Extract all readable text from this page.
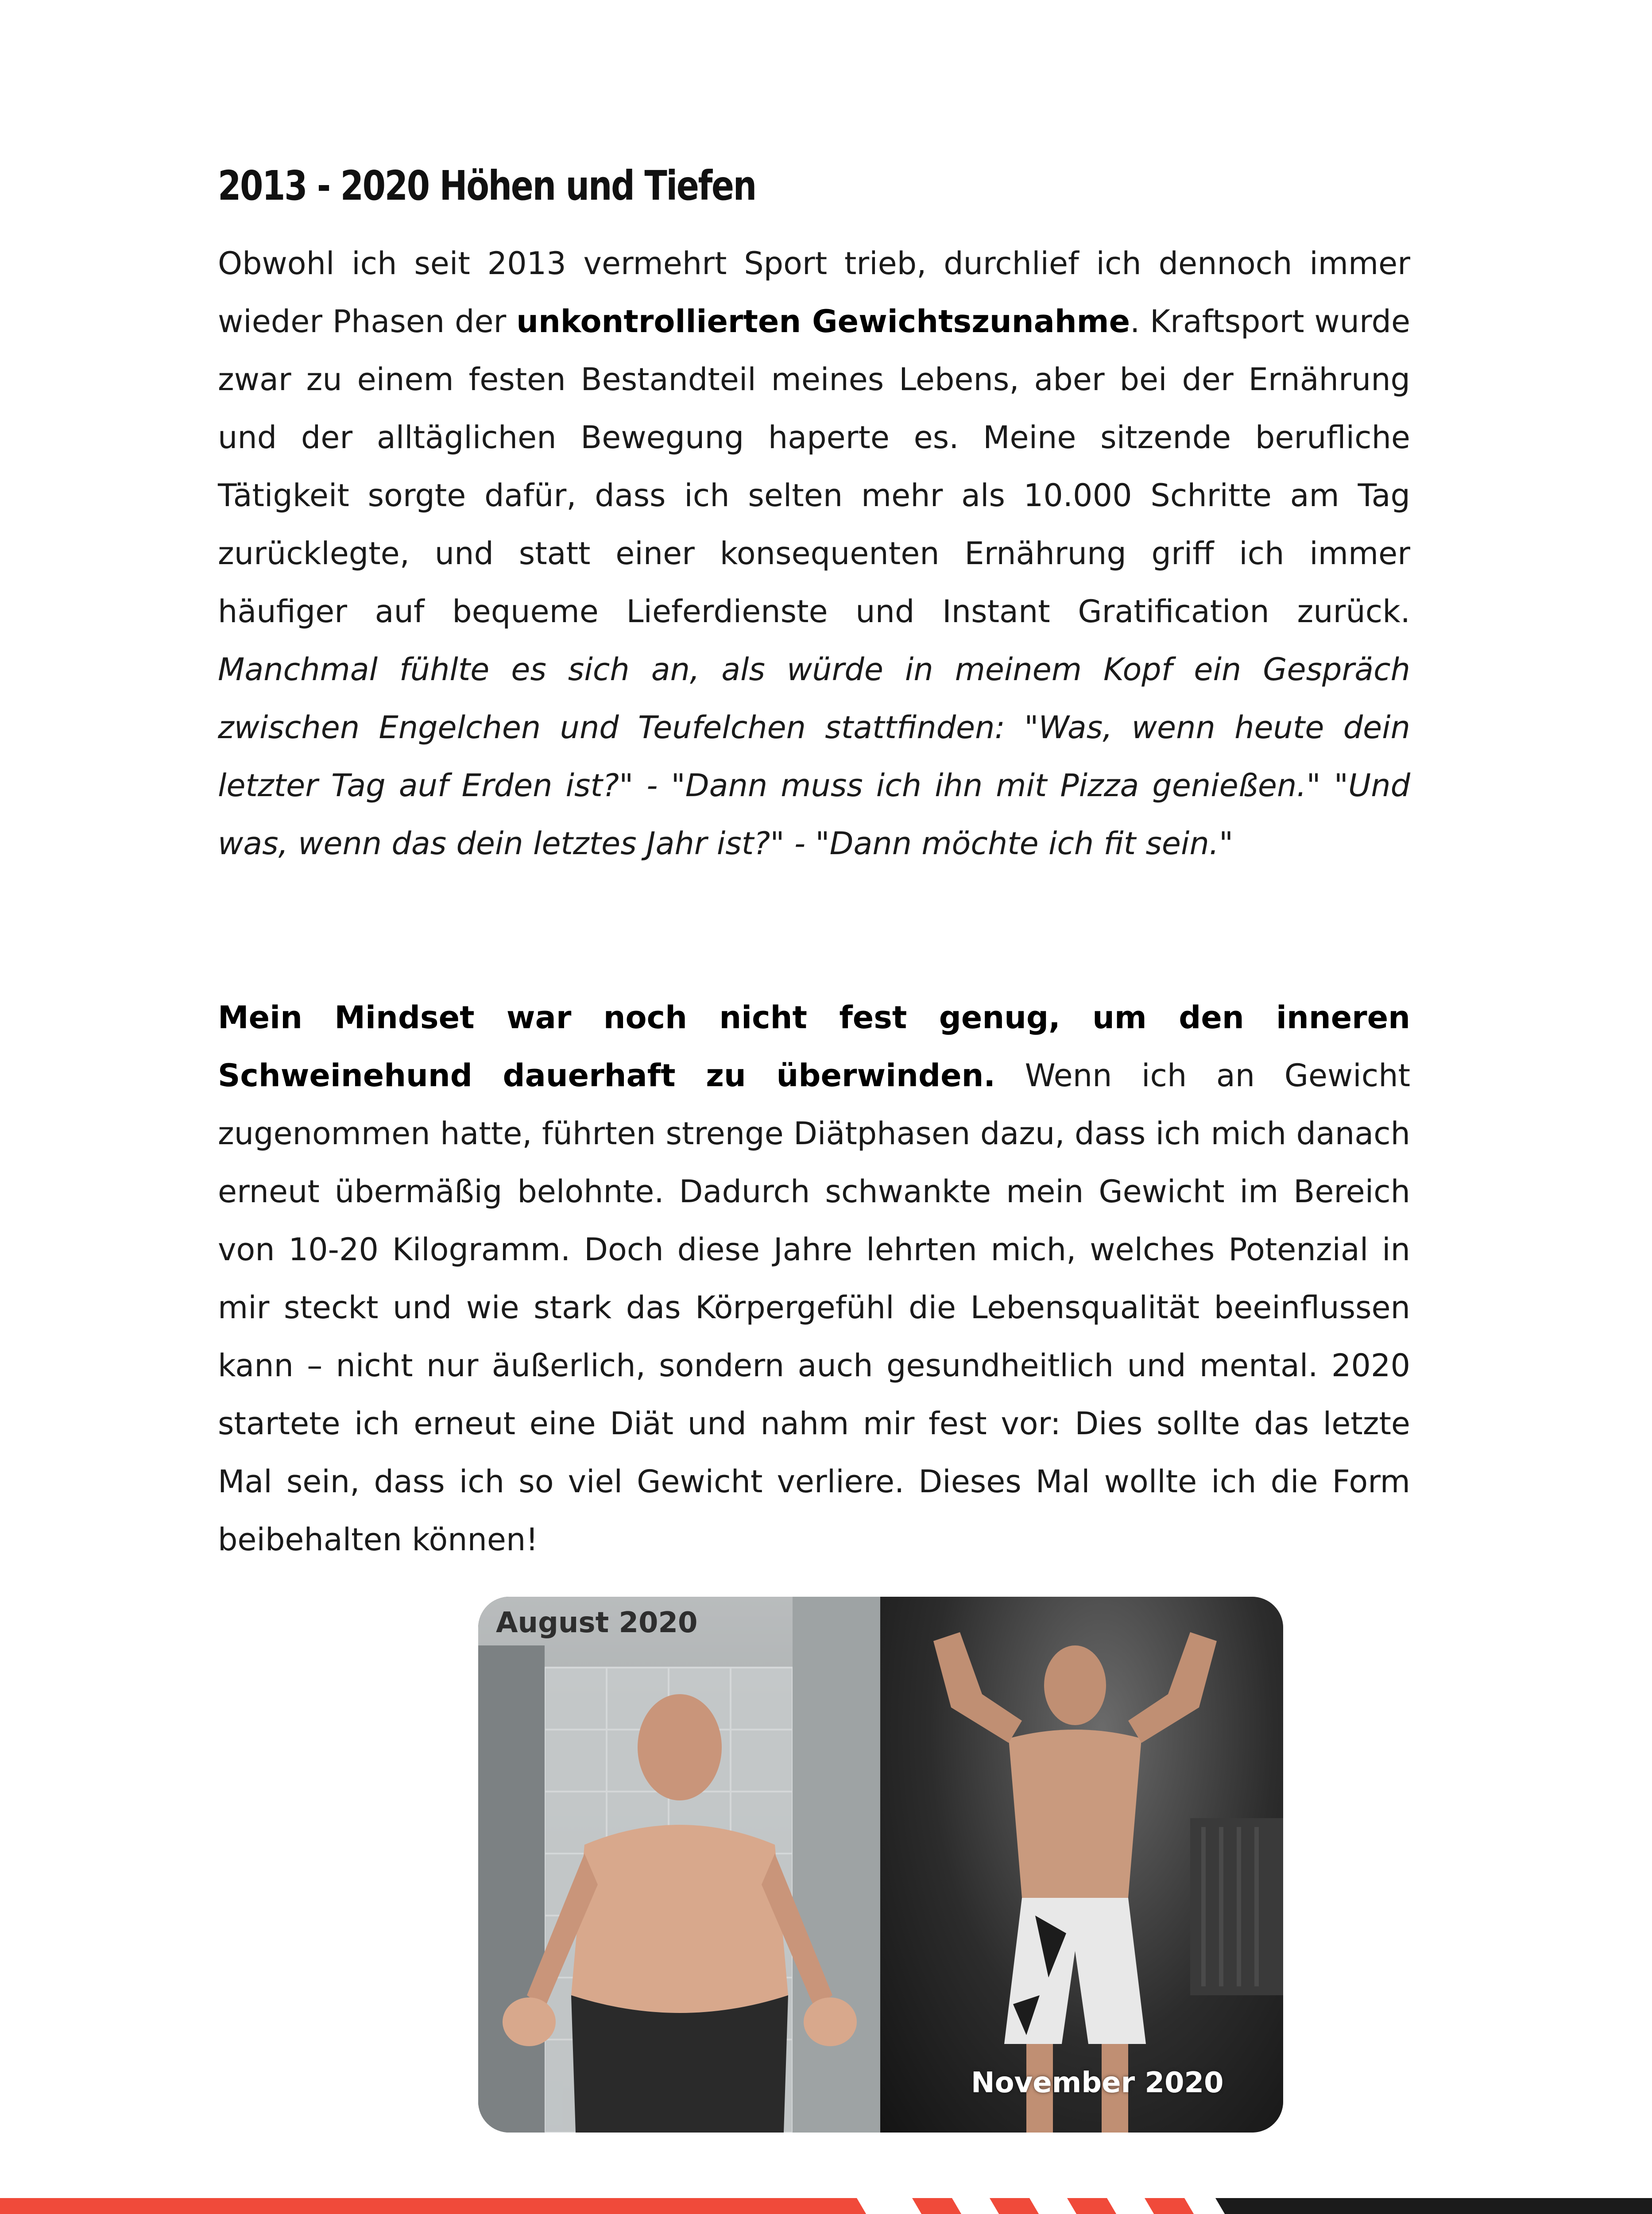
2013 - 2020 Höhen und Tiefen

Obwohl ich seit 2013 vermehrt Sport trieb, durchlief ich dennoch immer wieder Phasen der unkontrollierten Gewichtszunahme. Kraftsport wurde zwar zu einem festen Bestandteil meines Lebens, aber bei der Ernährung und der alltäglichen Bewegung haperte es. Meine sitzende berufliche Tätigkeit sorgte dafür, dass ich selten mehr als 10.000 Schritte am Tag zurücklegte, und statt einer konsequenten Ernährung griff ich immer häufiger auf bequeme Lieferdienste und Instant Gratification zurück. Manchmal fühlte es sich an, als würde in meinem Kopf ein Gespräch zwischen Engelchen und Teufelchen stattfinden: "Was, wenn heute dein letzter Tag auf Erden ist?" - "Dann muss ich ihn mit Pizza genießen." "Und was, wenn das dein letztes Jahr ist?" - "Dann möchte ich fit sein."

Mein Mindset war noch nicht fest genug, um den inneren Schweinehund dauerhaft zu überwinden. Wenn ich an Gewicht zugenommen hatte, führten strenge Diätphasen dazu, dass ich mich danach erneut übermäßig belohnte. Dadurch schwankte mein Gewicht im Bereich von 10-20 Kilogramm. Doch diese Jahre lehrten mich, welches Potenzial in mir steckt und wie stark das Körpergefühl die Lebensqualität beeinflussen kann – nicht nur äußerlich, sondern auch gesundheitlich und mental. 2020 startete ich erneut eine Diät und nahm mir fest vor: Dies sollte das letzte Mal sein, dass ich so viel Gewicht verliere. Dieses Mal wollte ich die Form beibehalten können!

August 2020
November 2020
